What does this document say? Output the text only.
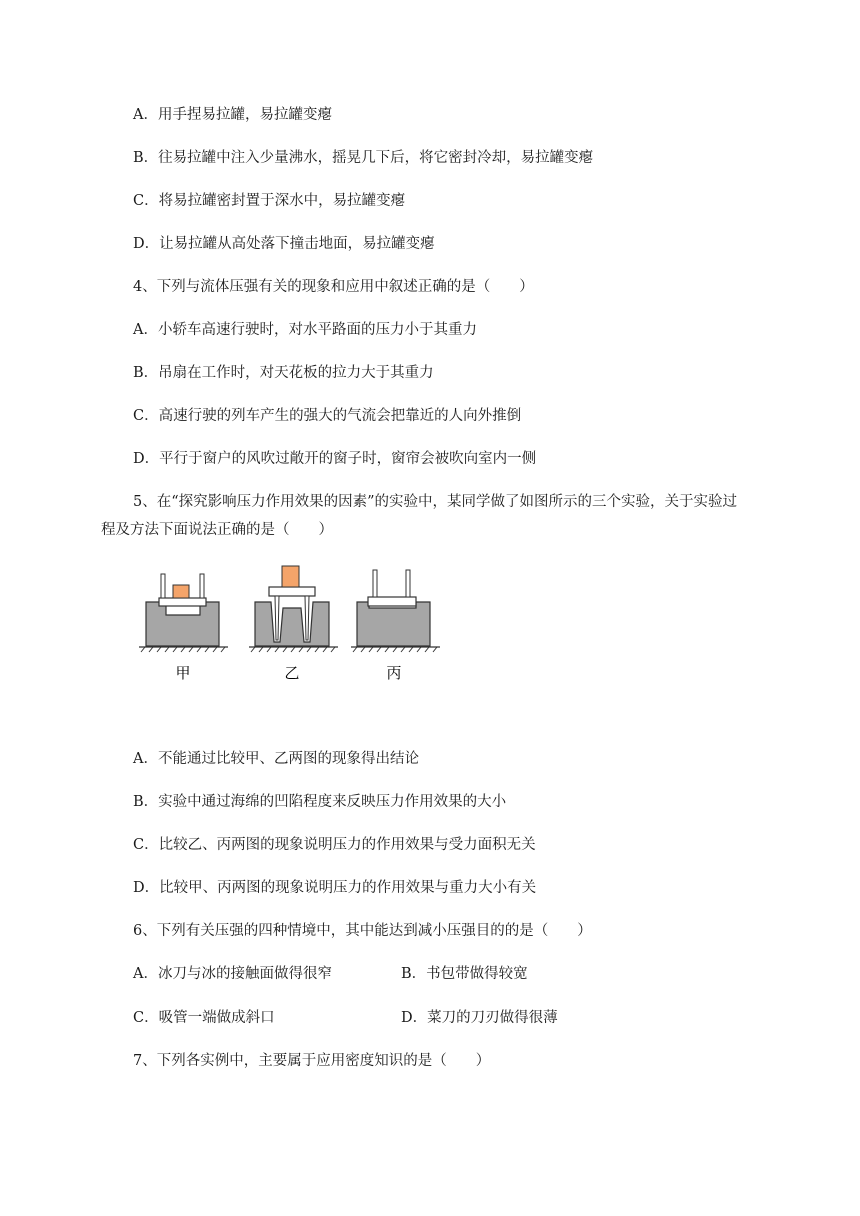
A．用手捏易拉罐，易拉罐变瘪
B．往易拉罐中注入少量沸水，摇晃几下后，将它密封冷却，易拉罐变瘪
C．将易拉罐密封置于深水中，易拉罐变瘪
D．让易拉罐从高处落下撞击地面，易拉罐变瘪
4、下列与流体压强有关的现象和应用中叙述正确的是（　　）
A．小轿车高速行驶时，对水平路面的压力小于其重力
B．吊扇在工作时，对天花板的拉力大于其重力
C．高速行驶的列车产生的强大的气流会把靠近的人向外推倒
D．平行于窗户的风吹过敞开的窗子时，窗帘会被吹向室内一侧
5、在“探究影响压力作用效果的因素”的实验中，某同学做了如图所示的三个实验，关于实验过
程及方法下面说法正确的是（　　）
甲	乙	丙
A．不能通过比较甲、乙两图的现象得出结论
B．实验中通过海绵的凹陷程度来反映压力作用效果的大小
C．比较乙、丙两图的现象说明压力的作用效果与受力面积无关
D．比较甲、丙两图的现象说明压力的作用效果与重力大小有关
6、下列有关压强的四种情境中，其中能达到减小压强目的的是（　　）
A．冰刀与冰的接触面做得很窄	B．书包带做得较宽
C．吸管一端做成斜口	D．菜刀的刀刃做得很薄
7、下列各实例中，主要属于应用密度知识的是（　　）
